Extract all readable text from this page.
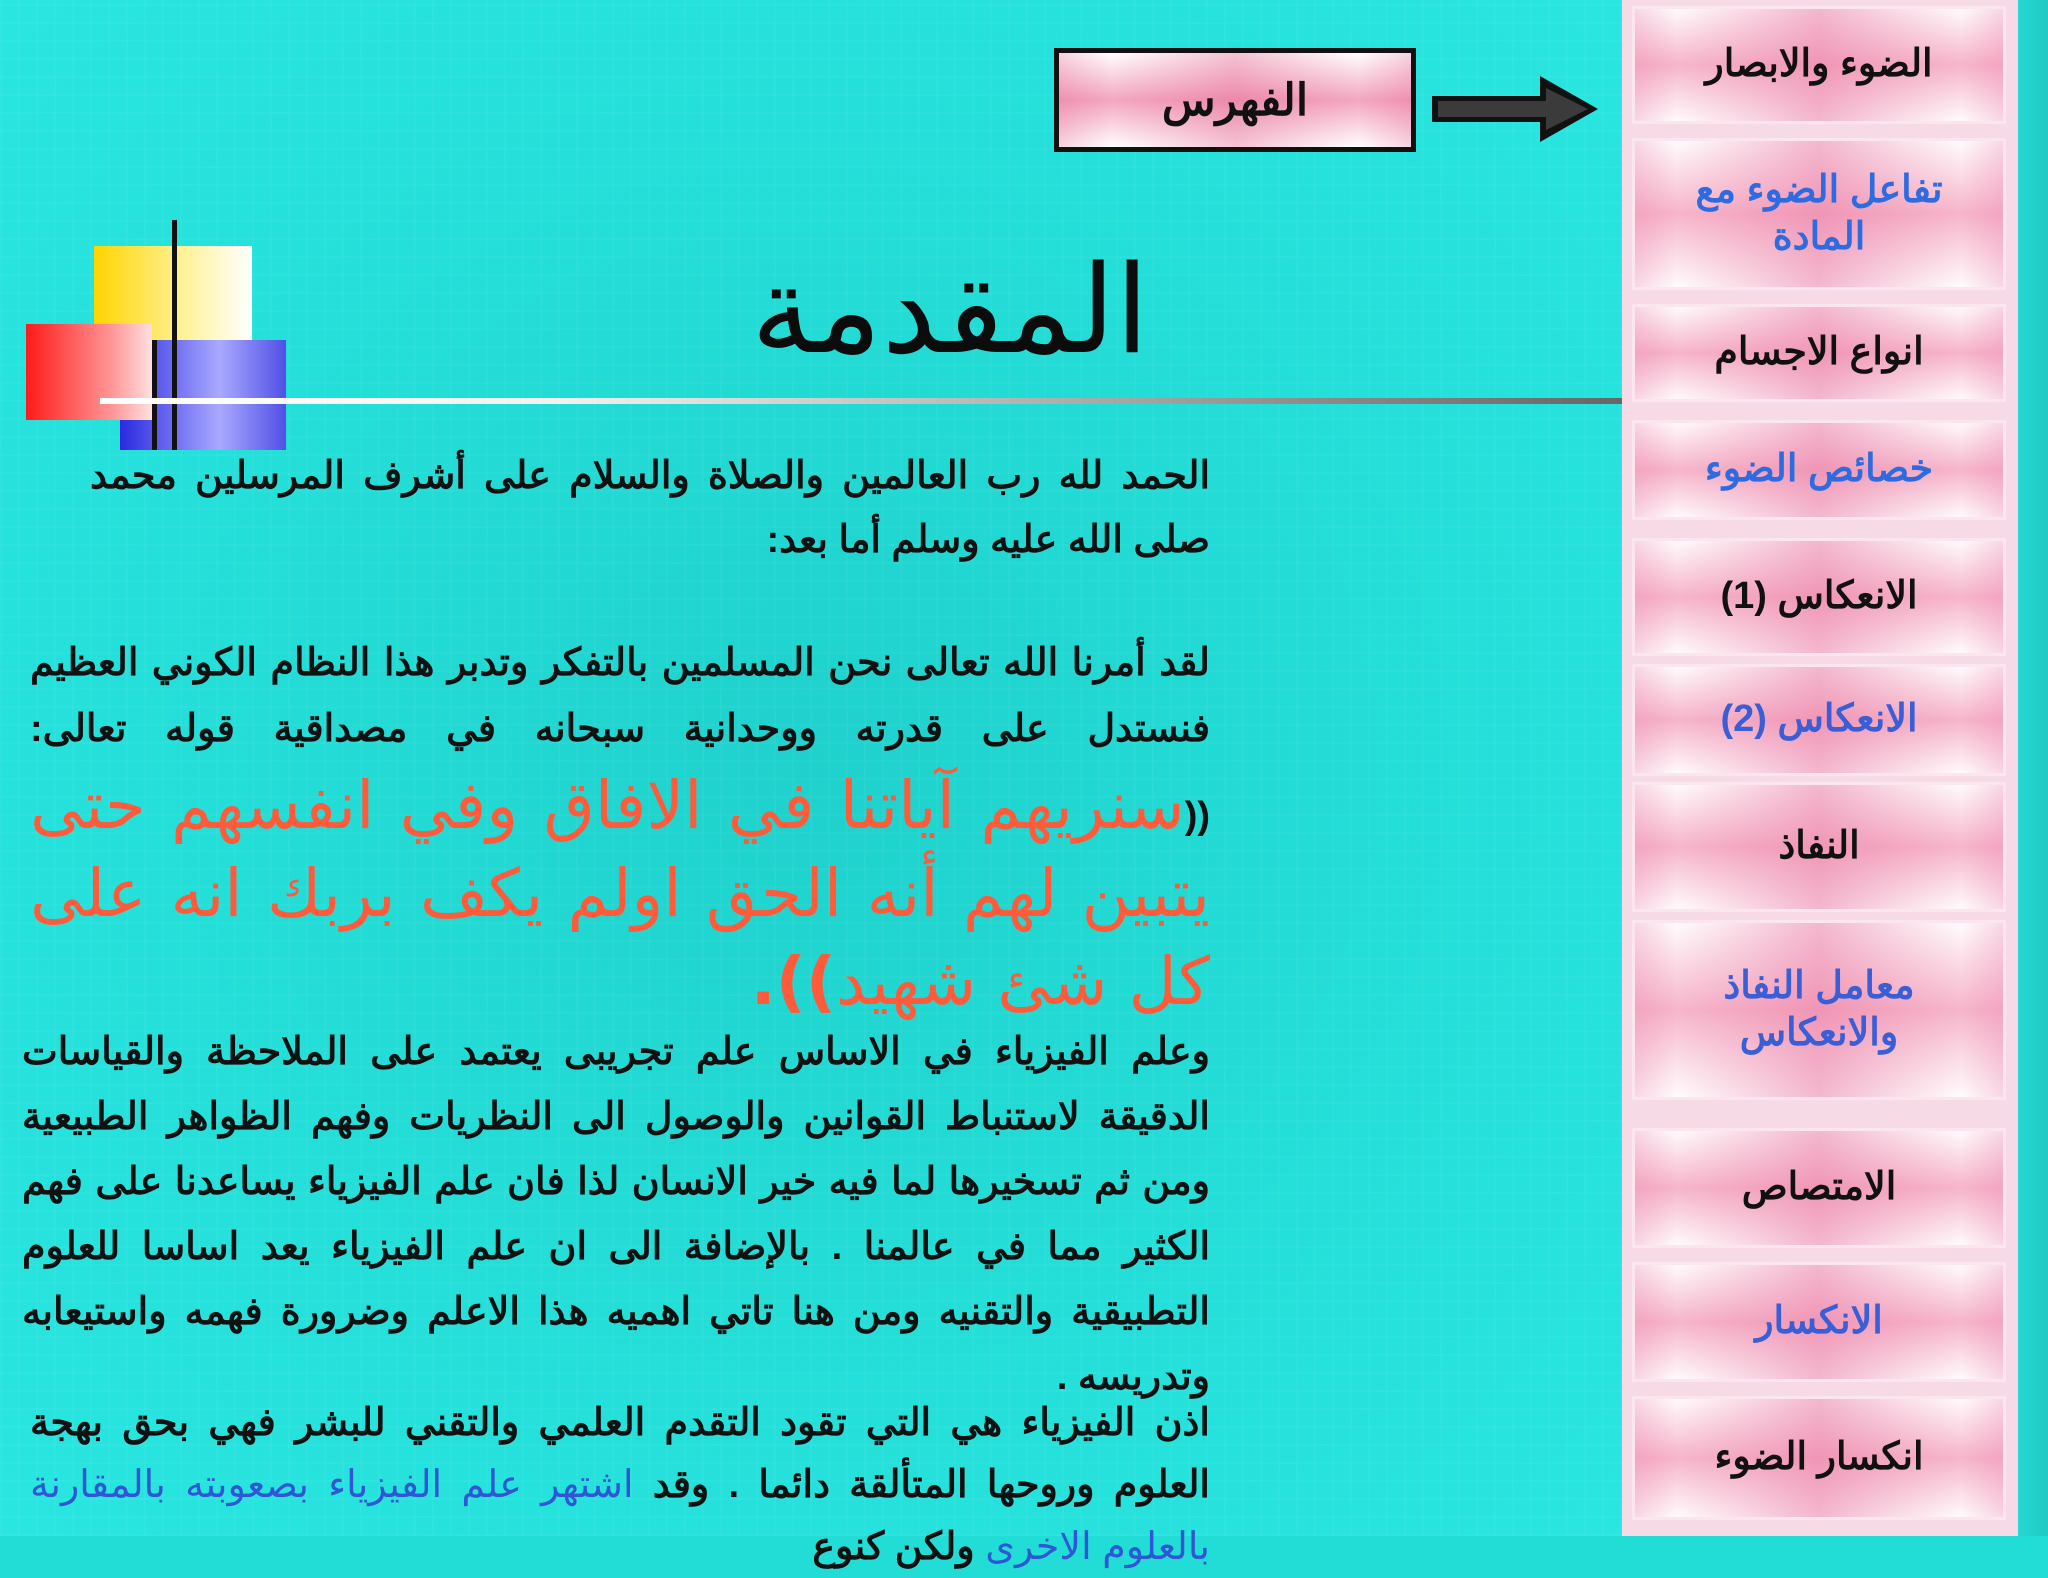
الفهرس
المقدمة
الحمد لله رب العالمين والصلاة والسلام على أشرف المرسلين محمد صلى الله عليه وسلم أما بعد:
لقد أمرنا الله تعالى نحن المسلمين بالتفكر وتدبر هذا النظام الكوني العظيم فنستدل على قدرته ووحدانية سبحانه في مصداقية قوله تعالى:((سنريهم آياتنا في الافاق وفي انفسهم حتى يتبين لهم أنه الحق اولم يكف بربك انه على كل شئ شهيد)).
وعلم الفيزياء في الاساس علم تجريبى يعتمد على الملاحظة والقياسات الدقيقة لاستنباط القوانين والوصول الى النظريات وفهم الظواهر الطبيعية ومن ثم تسخيرها لما فيه خير الانسان لذا فان علم الفيزياء يساعدنا على فهم الكثير مما في عالمنا . بالإضافة الى ان علم الفيزياء يعد اساسا للعلوم التطبيقية والتقنيه ومن هنا تاتي اهميه هذا الاعلم وضرورة فهمه واستيعابه وتدريسه .
اذن الفيزياء هي التي تقود التقدم العلمي والتقني للبشر فهي بحق بهجة العلوم وروحها المتألقة دائما . وقد اشتهر علم الفيزياء بصعوبته بالمقارنة بالعلوم الاخرى ولكن كنوع
الضوء والابصار
تفاعل الضوء مع المادة
انواع الاجسام
خصائص الضوء
الانعكاس (1)
الانعكاس (2)
النفاذ
معامل النفاذ والانعكاس
الامتصاص
الانكسار
انكسار الضوء
